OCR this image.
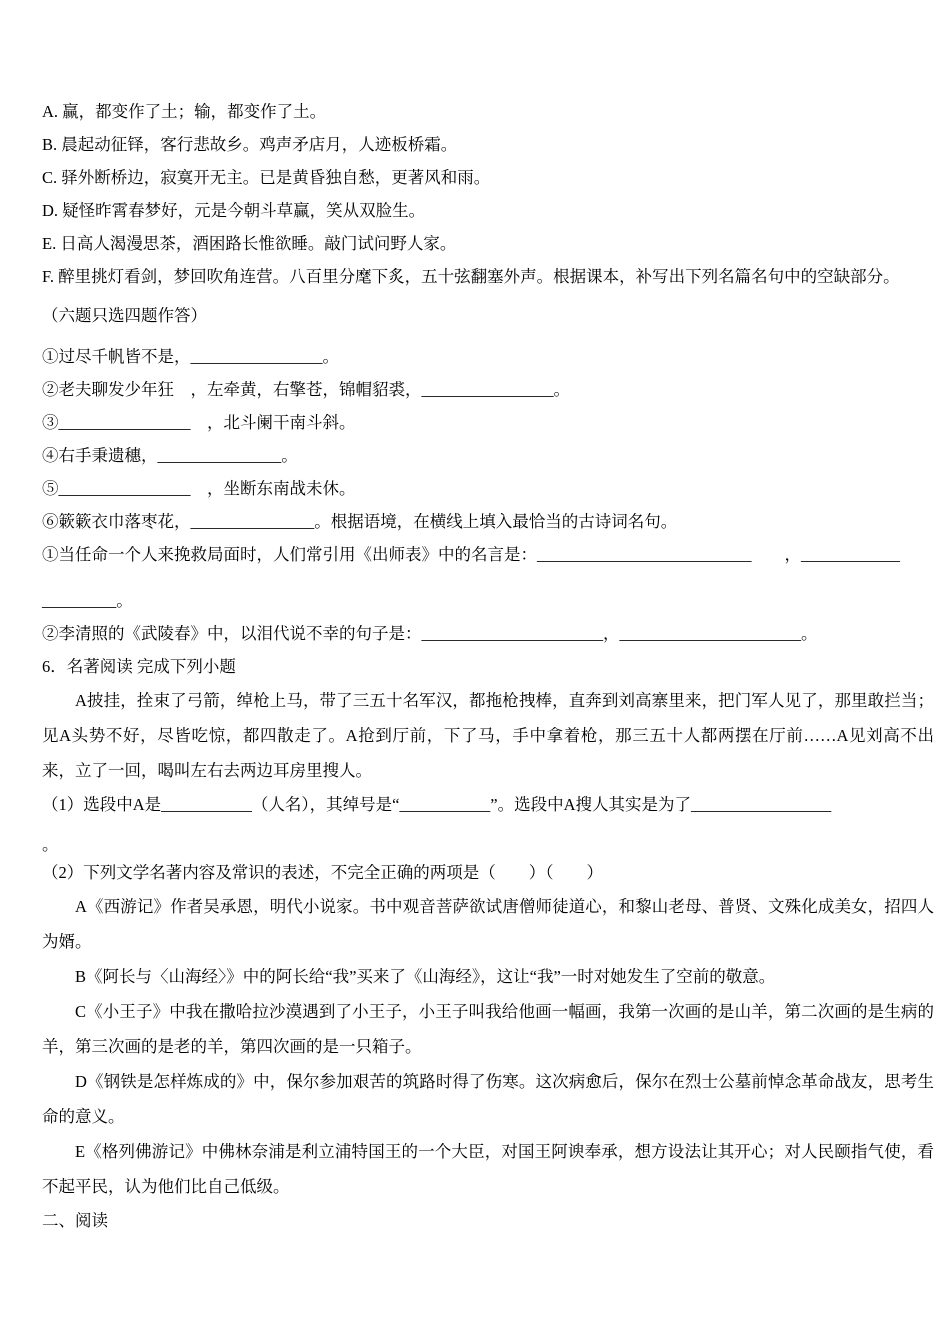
A. 赢，都变作了土；输，都变作了土。
B. 晨起动征铎，客行悲故乡。鸡声矛店月，人迹板桥霜。
C. 驿外断桥边，寂寞开无主。已是黄昏独自愁，更著风和雨。
D. 疑怪昨霄春梦好，元是今朝斗草赢，笑从双脸生。
E. 日高人渴漫思茶，酒困路长惟欲睡。敲门试问野人家。
F. 醉里挑灯看剑，梦回吹角连营。八百里分麾下炙，五十弦翻塞外声。根据课本，补写出下列名篇名句中的空缺部分。
（六题只选四题作答）
①过尽千帆皆不是，________________。
②老夫聊发少年狂　，左牵黄，右擎苍，锦帽貂裘，________________。
③________________　，北斗阑干南斗斜。
④右手秉遗穗，_______________。
⑤________________　，坐断东南战未休。
⑥簌簌衣巾落枣花，_______________。根据语境，在横线上填入最恰当的古诗词名句。
①当任命一个人来挽救局面时，人们常引用《出师表》中的名言是：__________________________　　，____________
_________。
②李清照的《武陵春》中，以泪代说不幸的句子是：______________________，______________________。
6．名著阅读 完成下列小题

A披挂，拴束了弓箭，绰枪上马，带了三五十名军汉，都拖枪拽棒，直奔到刘高寨里来，把门军人见了，那里敢拦当；见A头势不好，尽皆吃惊，都四散走了。A抢到厅前，下了马，手中拿着枪，那三五十人都两摆在厅前……A见刘高不出来，立了一回，喝叫左右去两边耳房里搜人。

（1）选段中A是___________（人名），其绰号是“___________”。选段中A搜人其实是为了_________________
。
（2）下列文学名著内容及常识的表述，不完全正确的两项是（　　）（　　）

A《西游记》作者吴承恩，明代小说家。书中观音菩萨欲试唐僧师徒道心，和黎山老母、普贤、文殊化成美女，招四人为婿。

B《阿长与〈山海经〉》中的阿长给“我”买来了《山海经》，这让“我”一时对她发生了空前的敬意。

C《小王子》中我在撒哈拉沙漠遇到了小王子，小王子叫我给他画一幅画，我第一次画的是山羊，第二次画的是生病的羊，第三次画的是老的羊，第四次画的是一只箱子。

D《钢铁是怎样炼成的》中，保尔参加艰苦的筑路时得了伤寒。这次病愈后，保尔在烈士公墓前悼念革命战友，思考生命的意义。

E《格列佛游记》中佛林奈浦是利立浦特国王的一个大臣，对国王阿谀奉承，想方设法让其开心；对人民颐指气使，看不起平民，认为他们比自己低级。

二、阅读
